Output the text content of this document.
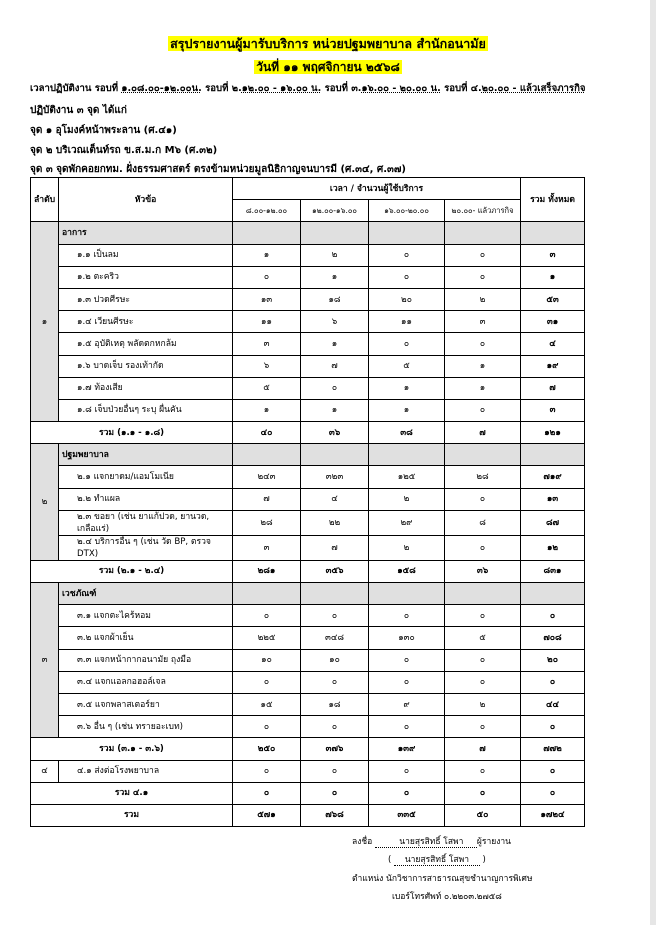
สรุปรายงานผู้มารับบริการ หน่วยปฐมพยาบาล สำนักอนามัย
วันที่ ๑๑ พฤศจิกายน ๒๕๖๘
เวลาปฏิบัติงาน รอบที่ ๑.๐๘.๐๐-๑๒.๐๐น. รอบที่ ๒.๑๒.๐๐ - ๑๖.๐๐ น. รอบที่ ๓.๑๖.๐๐ - ๒๐.๐๐ น. รอบที่ ๔.๒๐.๐๐ - แล้วเสร็จภารกิจ
ปฏิบัติงาน ๓ จุด ได้แก่
จุด ๑ อุโมงค์หน้าพระลาน (ศ.๔๑)
จุด ๒ บริเวณเต็นท์รถ ข.ส.ม.ก M๖ (ศ.๓๒)
จุด ๓ จุดพักคอยกทม. ฝั่งธรรมศาสตร์ ตรงข้ามหน่วยมูลนิธิกาญจนบารมี (ศ.๓๔, ศ.๓๗)
ลำดับ	หัวข้อ	เวลา / จำนวนผู้ใช้บริการ				รวม ทั้งหมด
		๘.๐๐-๑๒.๐๐	๑๒.๐๐-๑๖.๐๐	๑๖.๐๐-๒๐.๐๐	๒๐.๐๐- แล้วภารกิจ	
๑	อาการ					
	๑.๑ เป็นลม	๑	๒	๐	๐	๓
	๑.๒ ตะคริว	๐	๑	๐	๐	๑
	๑.๓ ปวดศีรษะ	๑๓	๑๘	๒๐	๒	๕๓
	๑.๔ เวียนศีรษะ	๑๑	๖	๑๑	๓	๓๑
	๑.๕ อุบัติเหตุ พลัดตกหกล้ม	๓	๑	๐	๐	๔
	๑.๖ บาดเจ็บ รองเท้ากัด	๖	๗	๕	๑	๑๙
	๑.๗ ท้องเสีย	๕	๐	๑	๑	๗
	๑.๘ เจ็บป่วยอื่นๆ ระบุ ผื่นคัน	๑	๑	๑	๐	๓
รวม (๑.๑ - ๑.๘)		๔๐	๓๖	๓๘	๗	๑๒๑
๒	ปฐมพยาบาล					
	๒.๑ แจกยาดม/แอมโมเนีย	๒๔๓	๓๒๓	๑๒๕	๒๘	๗๑๙
	๒.๒ ทำแผล	๗	๔	๒	๐	๑๓
	๒.๓ ขอยา (เช่น ยาแก้ปวด, ยานวด, เกลือแร่)	๒๘	๒๒	๒๙	๘	๘๗
	๒.๔ บริการอื่น ๆ (เช่น วัด BP, ตรวจ DTX)	๓	๗	๒	๐	๑๒
รวม (๒.๑ - ๒.๔)		๒๘๑	๓๕๖	๑๕๘	๓๖	๘๓๑
๓	เวชภัณฑ์					
	๓.๑ แจกตะไคร้หอม	๐	๐	๐	๐	๐
	๓.๒ แจกผ้าเย็น	๒๒๕	๓๔๘	๑๓๐	๕	๗๐๘
	๓.๓ แจกหน้ากากอนามัย ถุงมือ	๑๐	๑๐	๐	๐	๒๐
	๓.๔ แจกแอลกอฮอล์เจล	๐	๐	๐	๐	๐
	๓.๕ แจกพลาสเตอร์ยา	๑๕	๑๘	๙	๒	๔๔
	๓.๖ อื่น ๆ (เช่น ทรายอะเบท)	๐	๐	๐	๐	๐
รวม (๓.๑ - ๓.๖)		๒๕๐	๓๗๖	๑๓๙	๗	๗๗๒
๔	๔.๑ ส่งต่อโรงพยาบาล	๐	๐	๐	๐	๐
รวม ๔.๑		๐	๐	๐	๐	๐
รวม		๕๗๑	๗๖๘	๓๓๕	๕๐	๑๗๒๔
ลงชื่อ	นายสุรสิทธิ์ โสพา ผู้รายงาน
(     นายสุรสิทธิ์ โสพา     )
ตำแหน่ง นักวิชาการสาธารณสุขชำนาญการพิเศษ
เบอร์โทรศัพท์ ๐.๒๒๐๓.๒๗๕๘
